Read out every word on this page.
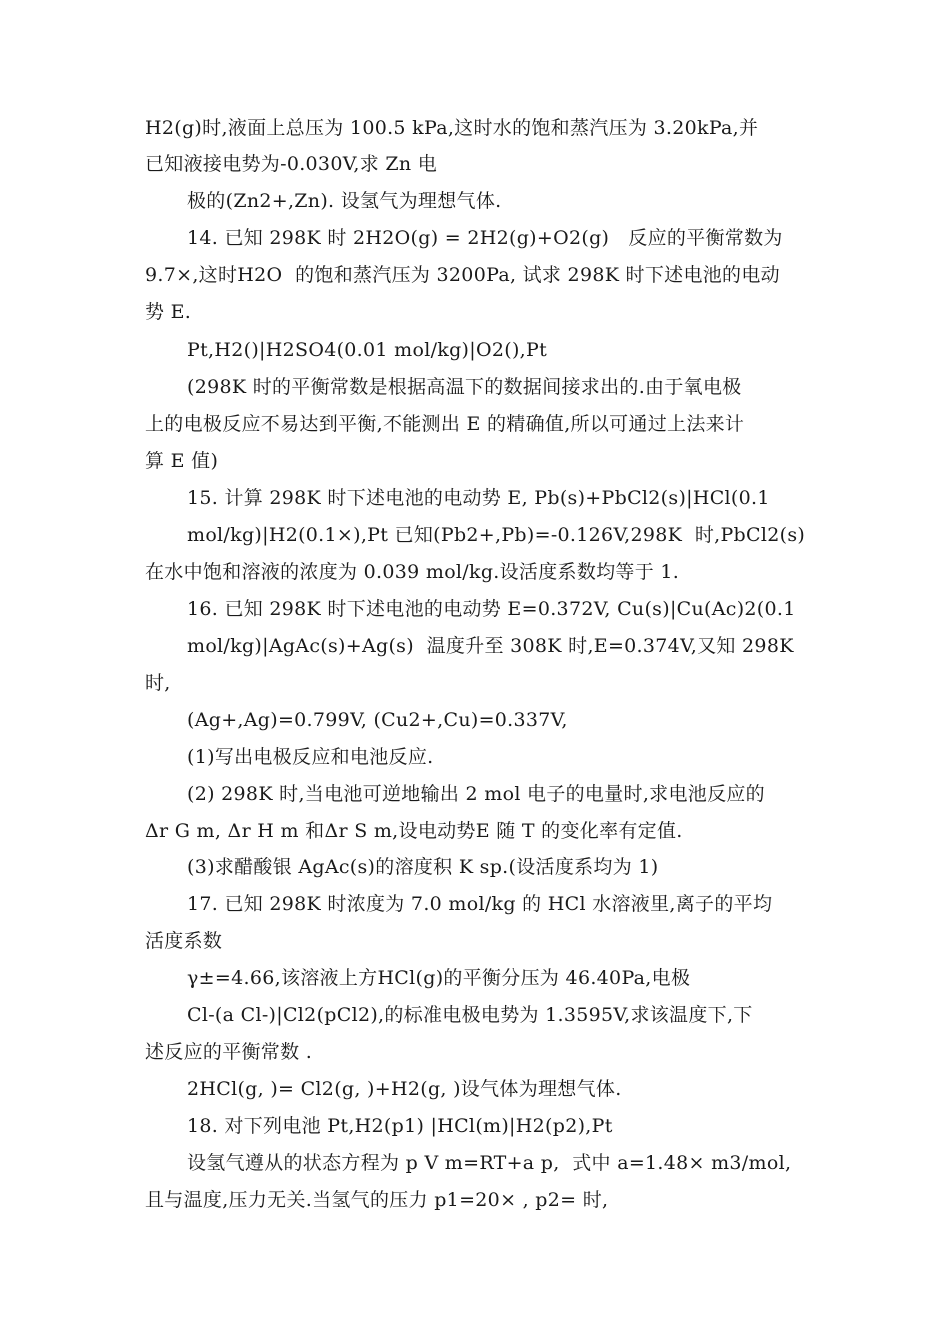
H2(g)时,液面上总压为 100.5 kPa,这时水的饱和蒸汽压为 3.20kPa,并
已知液接电势为-0.030V,求 Zn 电
极的(Zn2+,Zn). 设氢气为理想气体.
14. 已知 298K 时 2H2O(g) = 2H2(g)+O2(g)   反应的平衡常数为
9.7×,这时H2O  的饱和蒸汽压为 3200Pa, 试求 298K 时下述电池的电动
势 E.
Pt,H2()|H2SO4(0.01 mol/kg)|O2(),Pt
(298K 时的平衡常数是根据高温下的数据间接求出的.由于氧电极
上的电极反应不易达到平衡,不能测出 E 的精确值,所以可通过上法来计
算 E 值)
15. 计算 298K 时下述电池的电动势 E, Pb(s)+PbCl2(s)|HCl(0.1
mol/kg)|H2(0.1×),Pt 已知(Pb2+,Pb)=-0.126V,298K  时,PbCl2(s)
在水中饱和溶液的浓度为 0.039 mol/kg.设活度系数均等于 1.
16. 已知 298K 时下述电池的电动势 E=0.372V, Cu(s)|Cu(Ac)2(0.1
mol/kg)|AgAc(s)+Ag(s)  温度升至 308K 时,E=0.374V,又知 298K
时,
(Ag+,Ag)=0.799V, (Cu2+,Cu)=0.337V,
(1)写出电极反应和电池反应.
(2) 298K 时,当电池可逆地输出 2 mol 电子的电量时,求电池反应的
Δr G m, Δr H m 和Δr S m,设电动势E 随 T 的变化率有定值.
(3)求醋酸银 AgAc(s)的溶度积 K sp.(设活度系均为 1)
17. 已知 298K 时浓度为 7.0 mol/kg 的 HCl 水溶液里,离子的平均
活度系数
γ±=4.66,该溶液上方HCl(g)的平衡分压为 46.40Pa,电极
Cl-(a Cl-)|Cl2(pCl2),的标准电极电势为 1.3595V,求该温度下,下
述反应的平衡常数 .
2HCl(g, )= Cl2(g, )+H2(g, )设气体为理想气体.
18. 对下列电池 Pt,H2(p1) |HCl(m)|H2(p2),Pt
设氢气遵从的状态方程为 p V m=RT+a p,  式中 a=1.48× m3/mol,
且与温度,压力无关.当氢气的压力 p1=20× , p2= 时,
